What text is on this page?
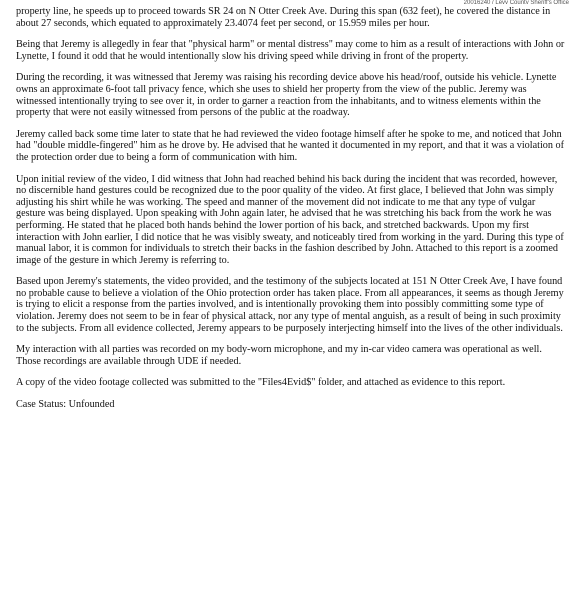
20016240 / Levy County Sheriff's Office

property line, he speeds up to proceed towards SR 24 on N Otter Creek Ave. During this span (632 feet), he covered the distance in about 27 seconds, which equated to approximately 23.4074 feet per second, or 15.959 miles per hour.

Being that Jeremy is allegedly in fear that "physical harm" or mental distress" may come to him as a result of interactions with John or Lynette, I found it odd that he would intentionally slow his driving speed while driving in front of the property.

During the recording, it was witnessed that Jeremy was raising his recording device above his head/roof, outside his vehicle. Lynette owns an approximate 6-foot tall privacy fence, which she uses to shield her property from the view of the public. Jeremy was witnessed intentionally trying to see over it, in order to garner a reaction from the inhabitants, and to witness elements within the property that were not easily witnessed from persons of the public at the roadway.

Jeremy called back some time later to state that he had reviewed the video footage himself after he spoke to me, and noticed that John had "double middle-fingered" him as he drove by. He advised that he wanted it documented in my report, and that it was a violation of the protection order due to being a form of communication with him.

Upon initial review of the video, I did witness that John had reached behind his back during the incident that was recorded, however, no discernible hand gestures could be recognized due to the poor quality of the video. At first glace, I believed that John was simply adjusting his shirt while he was working. The speed and manner of the movement did not indicate to me that any type of vulgar gesture was being displayed. Upon speaking with John again later, he advised that he was stretching his back from the work he was performing. He stated that he placed both hands behind the lower portion of his back, and stretched backwards. Upon my first interaction with John earlier, I did notice that he was visibly sweaty, and noticeably tired from working in the yard. During this type of manual labor, it is common for individuals to stretch their backs in the fashion described by John. Attached to this report is a zoomed image of the gesture in which Jeremy is referring to.

Based upon Jeremy's statements, the video provided, and the testimony of the subjects located at 151 N Otter Creek Ave, I have found no probable cause to believe a violation of the Ohio protection order has taken place. From all appearances, it seems as though Jeremy is trying to elicit a response from the parties involved, and is intentionally provoking them into possibly committing some type of violation. Jeremy does not seem to be in fear of physical attack, nor any type of mental anguish, as a result of being in such proximity to the subjects. From all evidence collected, Jeremy appears to be purposely interjecting himself into the lives of the other individuals.

My interaction with all parties was recorded on my body-worn microphone, and my in-car video camera was operational as well. Those recordings are available through UDE if needed.

A copy of the video footage collected was submitted to the "Files4Evid$" folder, and attached as evidence to this report.

Case Status: Unfounded
